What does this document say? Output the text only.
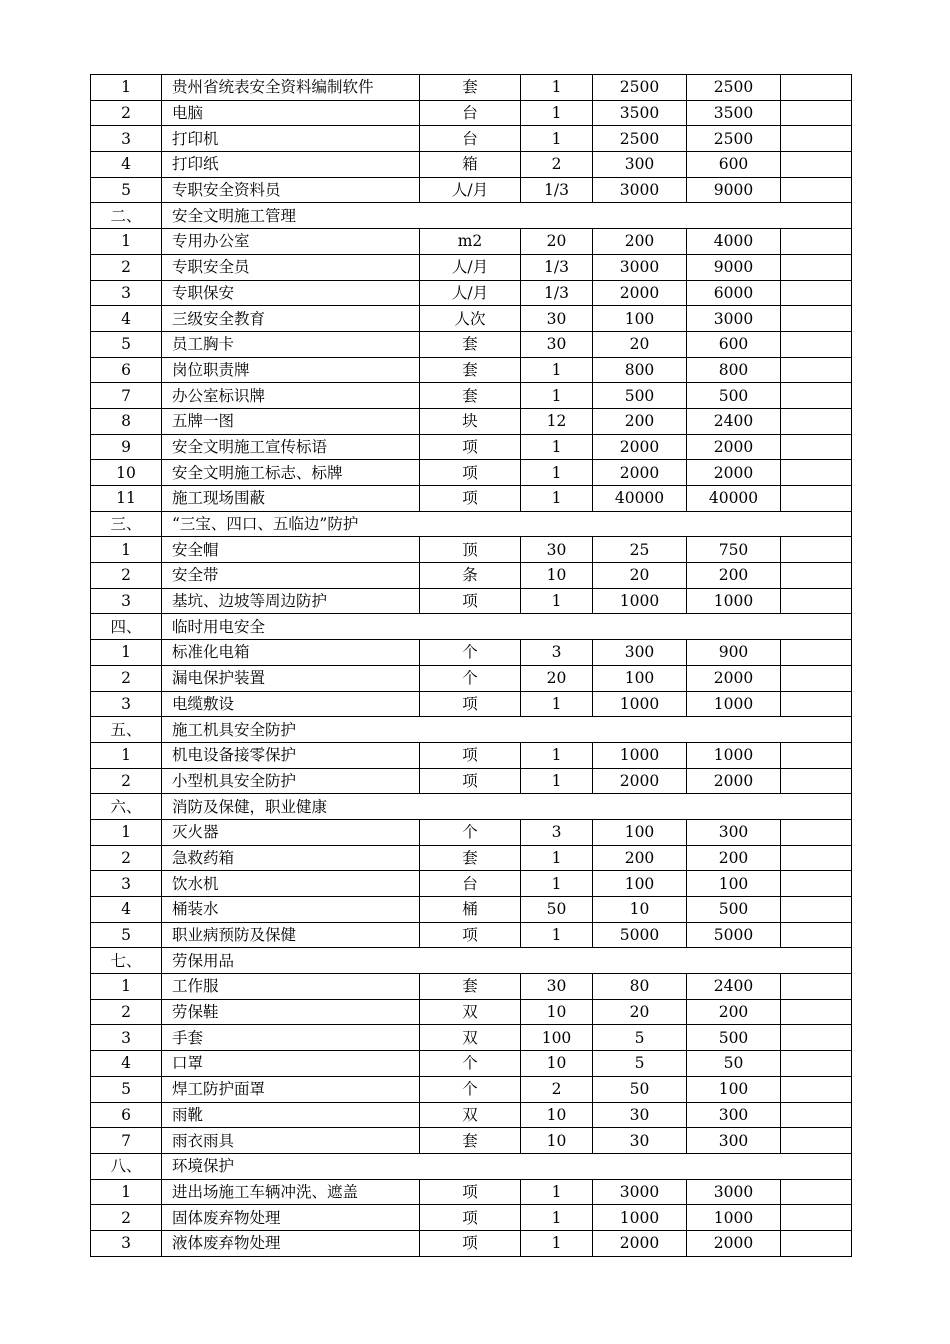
1	贵州省统表安全资料编制软件	套	1	2500	2500	
2	电脑	台	1	3500	3500	
3	打印机	台	1	2500	2500	
4	打印纸	箱	2	300	600	
5	专职安全资料员	人/月	1/3	3000	9000	
二、	安全文明施工管理					
1	专用办公室	m2	20	200	4000	
2	专职安全员	人/月	1/3	3000	9000	
3	专职保安	人/月	1/3	2000	6000	
4	三级安全教育	人次	30	100	3000	
5	员工胸卡	套	30	20	600	
6	岗位职责牌	套	1	800	800	
7	办公室标识牌	套	1	500	500	
8	五牌一图	块	12	200	2400	
9	安全文明施工宣传标语	项	1	2000	2000	
10	安全文明施工标志、标牌	项	1	2000	2000	
11	施工现场围蔽	项	1	40000	40000	
三、	“三宝、四口、五临边”防护					
1	安全帽	顶	30	25	750	
2	安全带	条	10	20	200	
3	基坑、边坡等周边防护	项	1	1000	1000	
四、	临时用电安全					
1	标准化电箱	个	3	300	900	
2	漏电保护装置	个	20	100	2000	
3	电缆敷设	项	1	1000	1000	
五、	施工机具安全防护					
1	机电设备接零保护	项	1	1000	1000	
2	小型机具安全防护	项	1	2000	2000	
六、	消防及保健，职业健康					
1	灭火器	个	3	100	300	
2	急救药箱	套	1	200	200	
3	饮水机	台	1	100	100	
4	桶装水	桶	50	10	500	
5	职业病预防及保健	项	1	5000	5000	
七、	劳保用品					
1	工作服	套	30	80	2400	
2	劳保鞋	双	10	20	200	
3	手套	双	100	5	500	
4	口罩	个	10	5	50	
5	焊工防护面罩	个	2	50	100	
6	雨靴	双	10	30	300	
7	雨衣雨具	套	10	30	300	
八、	环境保护					
1	进出场施工车辆冲洗、遮盖	项	1	3000	3000	
2	固体废弃物处理	项	1	1000	1000	
3	液体废弃物处理	项	1	2000	2000	
